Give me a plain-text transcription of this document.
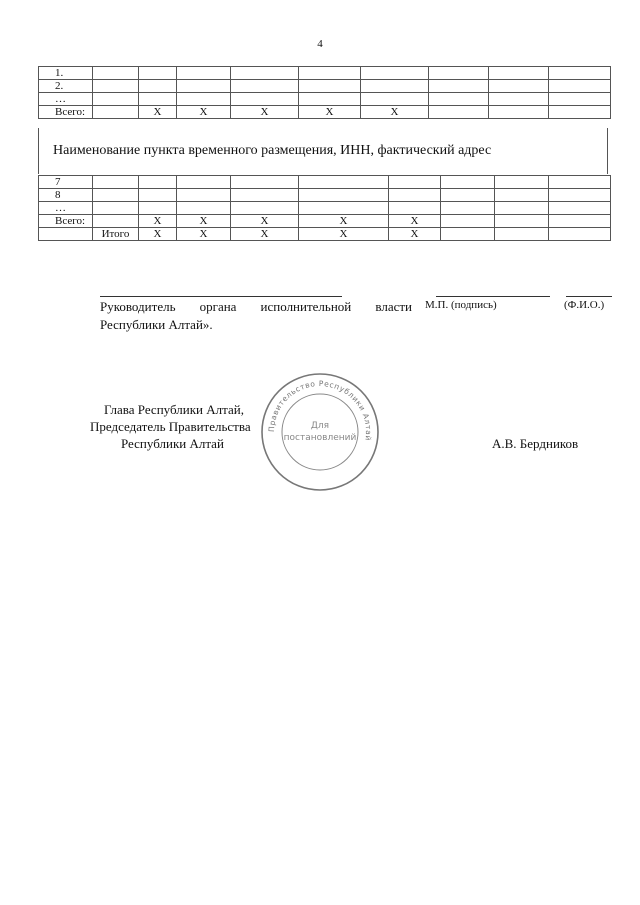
4
1.									
2.									
…									
Всего:		Х	Х	Х	Х	Х			
Наименование пункта временного размещения, ИНН, фактический адрес
7									
8									
…									
Всего:		Х	Х	Х	Х	Х			
	Итого	Х	Х	Х	Х	Х			
Руководитель органа исполнительной власти
Республики Алтай».
М.П. (подпись)	(Ф.И.О.)
Правительство Республики Алтай
Для
постановлений
Глава Республики Алтай,
Председатель Правительства
Республики Алтай	А.В. Бердников
